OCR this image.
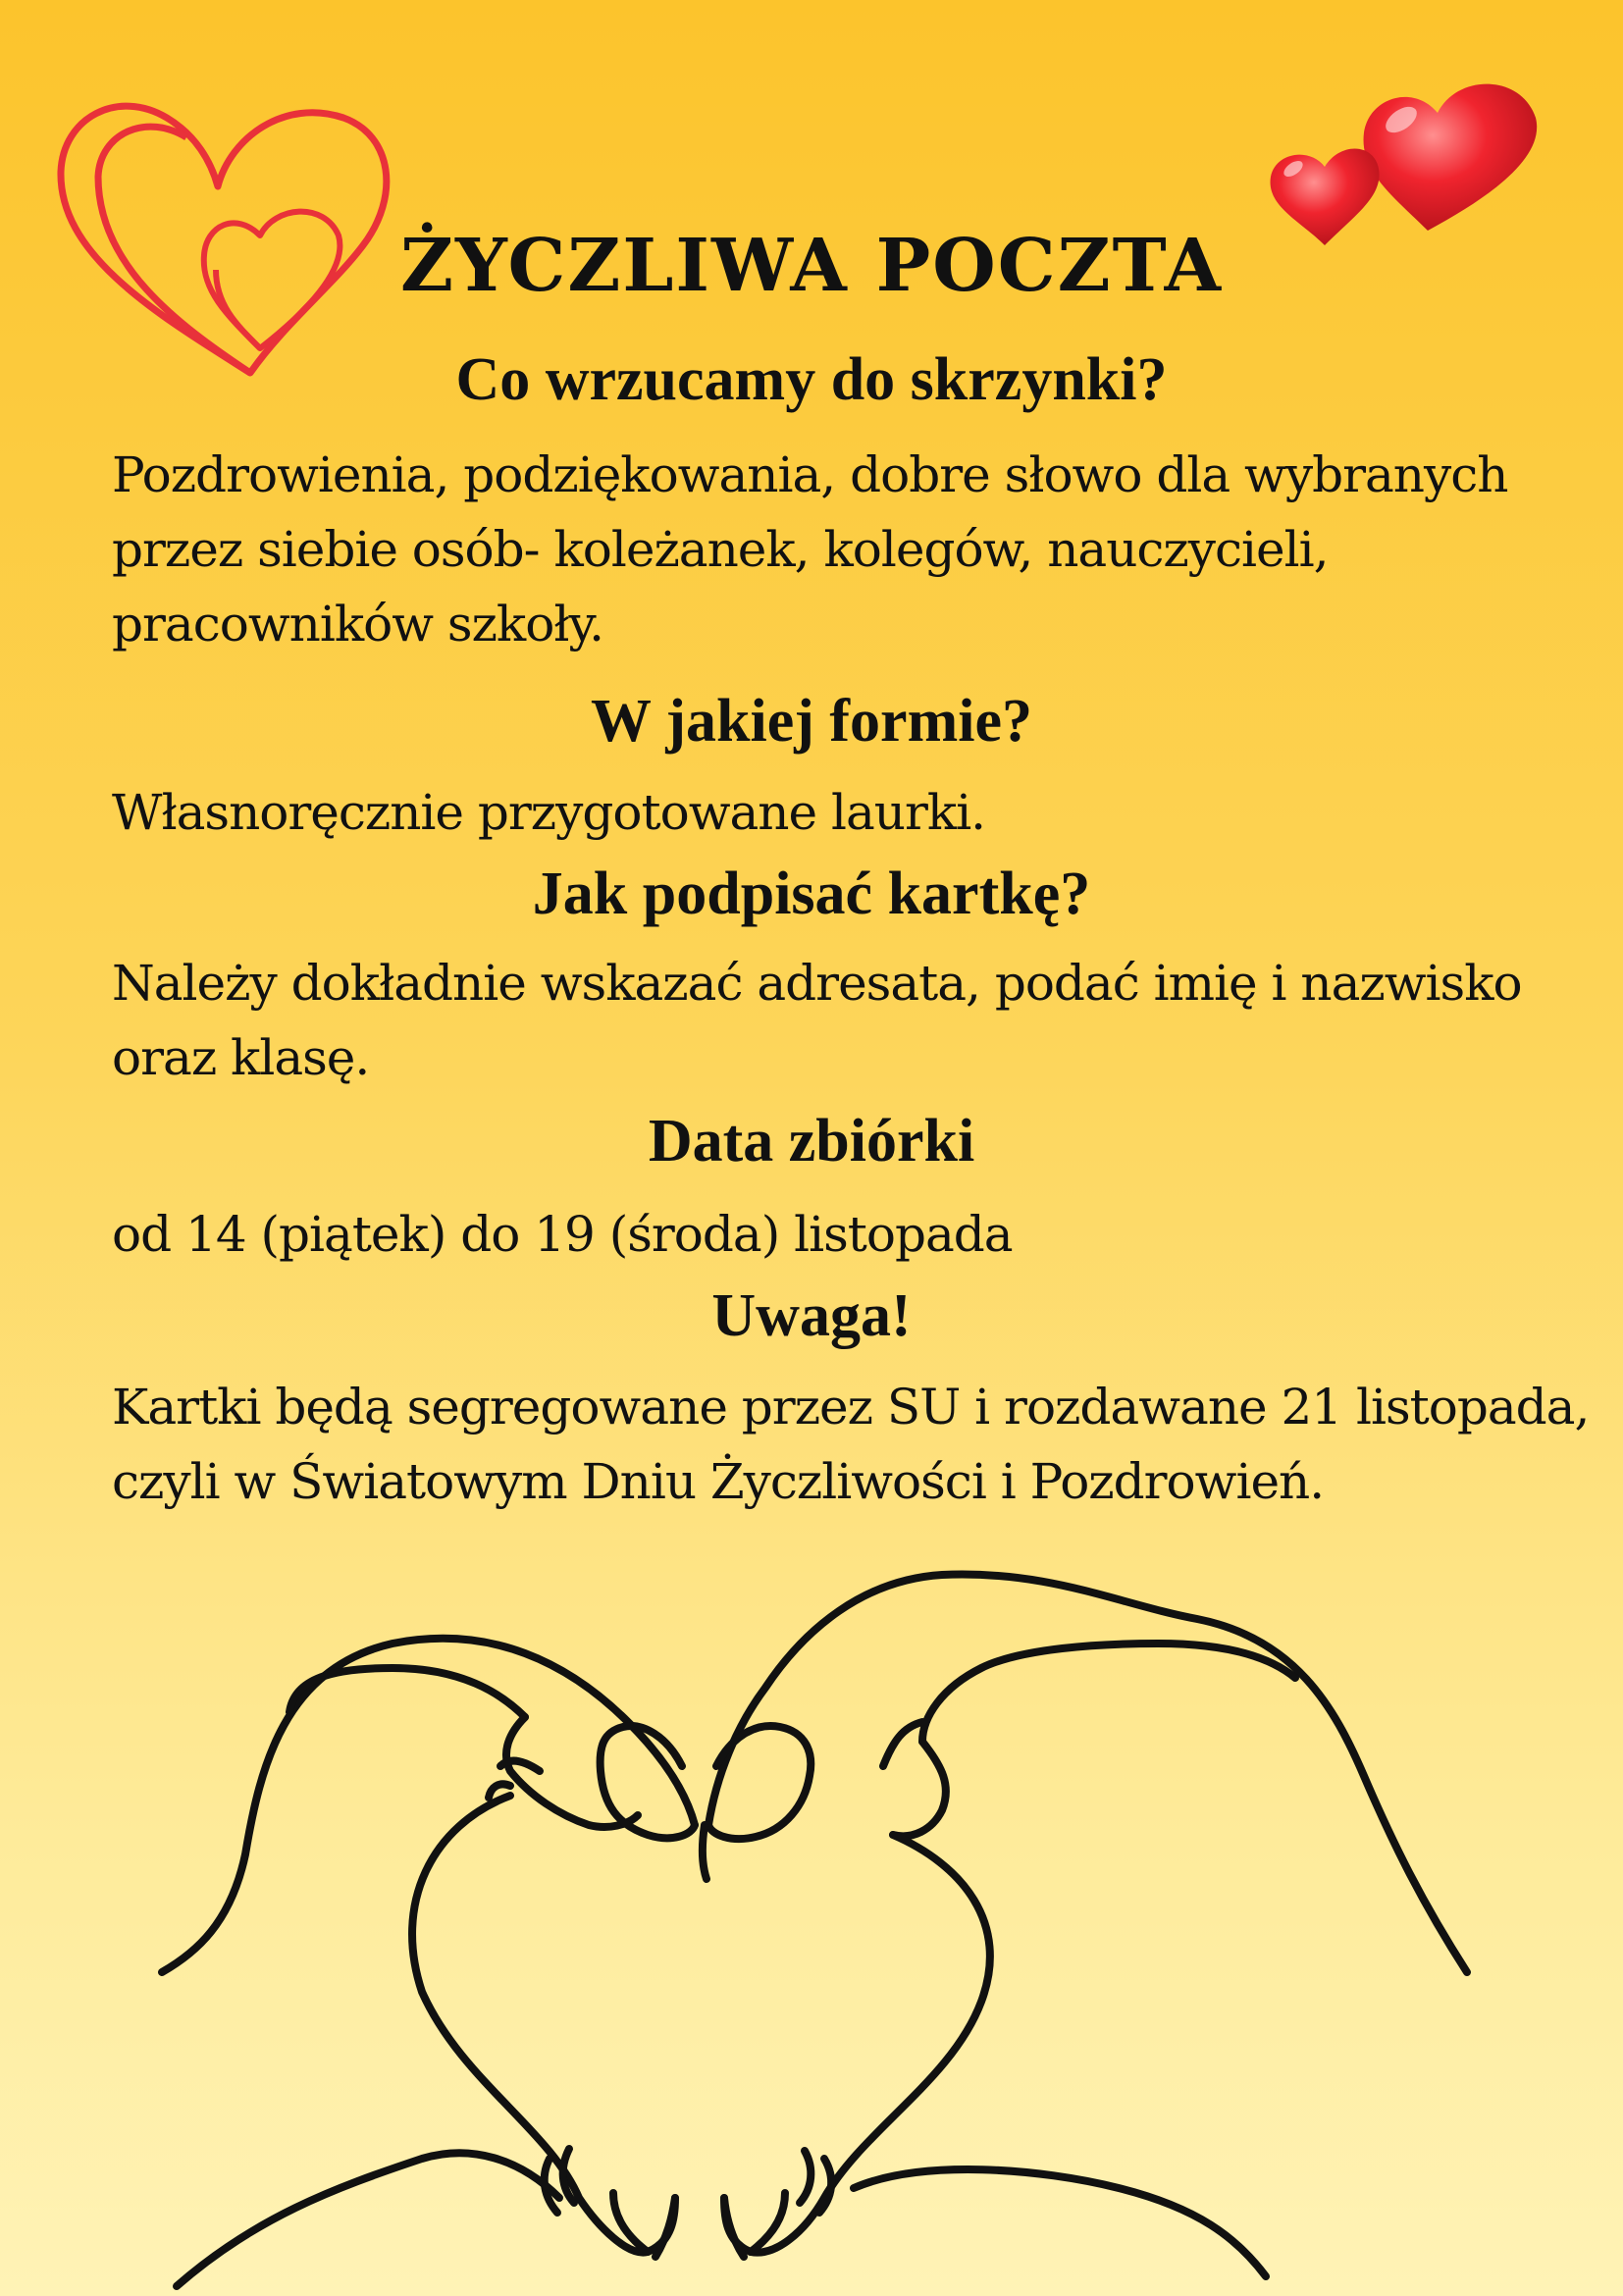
ŻYCZLIWA POCZTA
Co wrzucamy do skrzynki?

Pozdrowienia, podziękowania, dobre słowo dla wybranych
przez siebie osób- koleżanek, kolegów, nauczycieli,
pracowników szkoły.

W jakiej formie?

Własnoręcznie przygotowane laurki.

Jak podpisać kartkę?

Należy dokładnie wskazać adresata, podać imię i nazwisko
oraz klasę.

Data zbiórki

od 14 (piątek) do 19 (środa) listopada

Uwaga!

Kartki będą segregowane przez SU i rozdawane 21 listopada,
czyli w Światowym Dniu Życzliwości i Pozdrowień.
